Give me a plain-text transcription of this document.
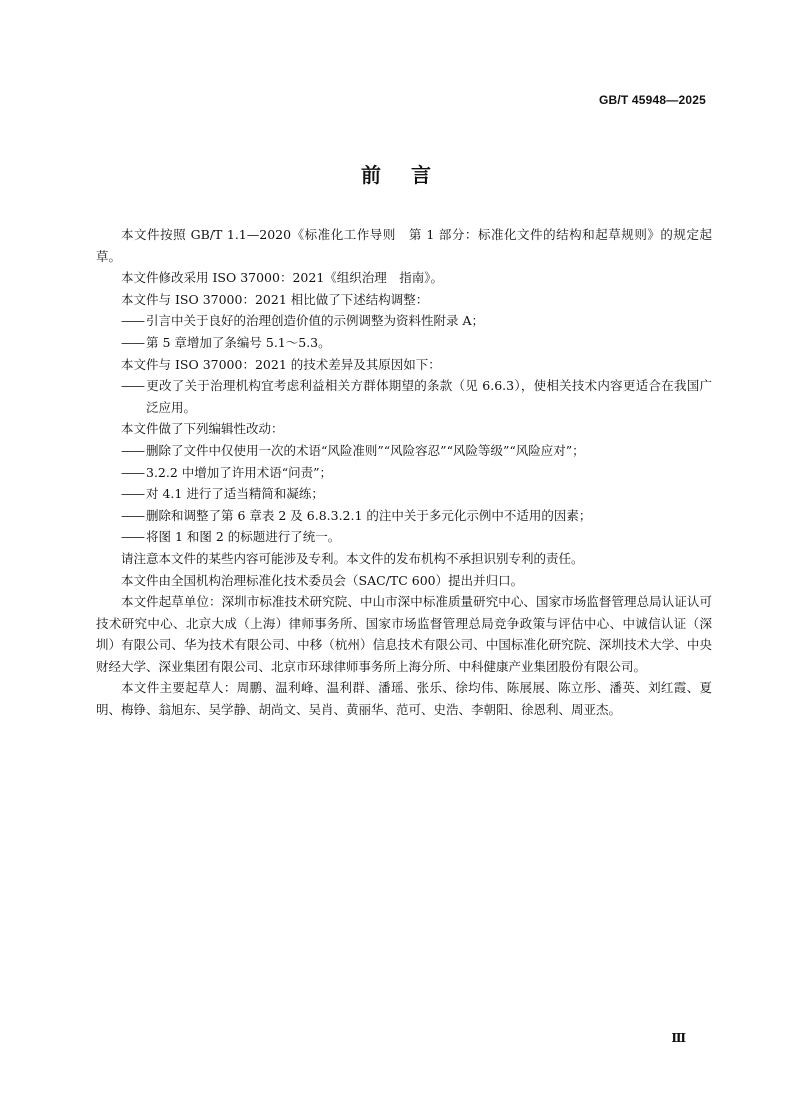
GB/T 45948—2025
前言

本文件按照 GB/T 1.1—2020《标准化工作导则　第 1 部分：标准化文件的结构和起草规则》的规定起草。

本文件修改采用 ISO 37000：2021《组织治理　指南》。

本文件与 ISO 37000：2021 相比做了下述结构调整：

—— 引言中关于良好的治理创造价值的示例调整为资料性附录 A；

—— 第 5 章增加了条编号 5.1～5.3。

本文件与 ISO 37000：2021 的技术差异及其原因如下：

—— 更改了关于治理机构宜考虑利益相关方群体期望的条款（见 6.6.3），使相关技术内容更适合在我国广泛应用。

本文件做了下列编辑性改动：

—— 删除了文件中仅使用一次的术语“风险准则”“风险容忍”“风险等级”“风险应对”；

—— 3.2.2 中增加了许用术语“问责”；

—— 对 4.1 进行了适当精简和凝练；

—— 删除和调整了第 6 章表 2 及 6.8.3.2.1 的注中关于多元化示例中不适用的因素；

—— 将图 1 和图 2 的标题进行了统一。

请注意本文件的某些内容可能涉及专利。本文件的发布机构不承担识别专利的责任。

本文件由全国机构治理标准化技术委员会（SAC/TC 600）提出并归口。

本文件起草单位：深圳市标准技术研究院、中山市深中标准质量研究中心、国家市场监督管理总局认证认可技术研究中心、北京大成（上海）律师事务所、国家市场监督管理总局竞争政策与评估中心、中诚信认证（深圳）有限公司、华为技术有限公司、中移（杭州）信息技术有限公司、中国标准化研究院、深圳技术大学、中央财经大学、深业集团有限公司、北京市环球律师事务所上海分所、中科健康产业集团股份有限公司。

本文件主要起草人：周鹏、温利峰、温利群、潘瑶、张乐、徐均伟、陈展展、陈立彤、潘英、刘红霞、夏明、梅铮、翁旭东、吴学静、胡尚文、吴肖、黄丽华、范可、史浩、李朝阳、徐恩利、周亚杰。

Ⅲ
